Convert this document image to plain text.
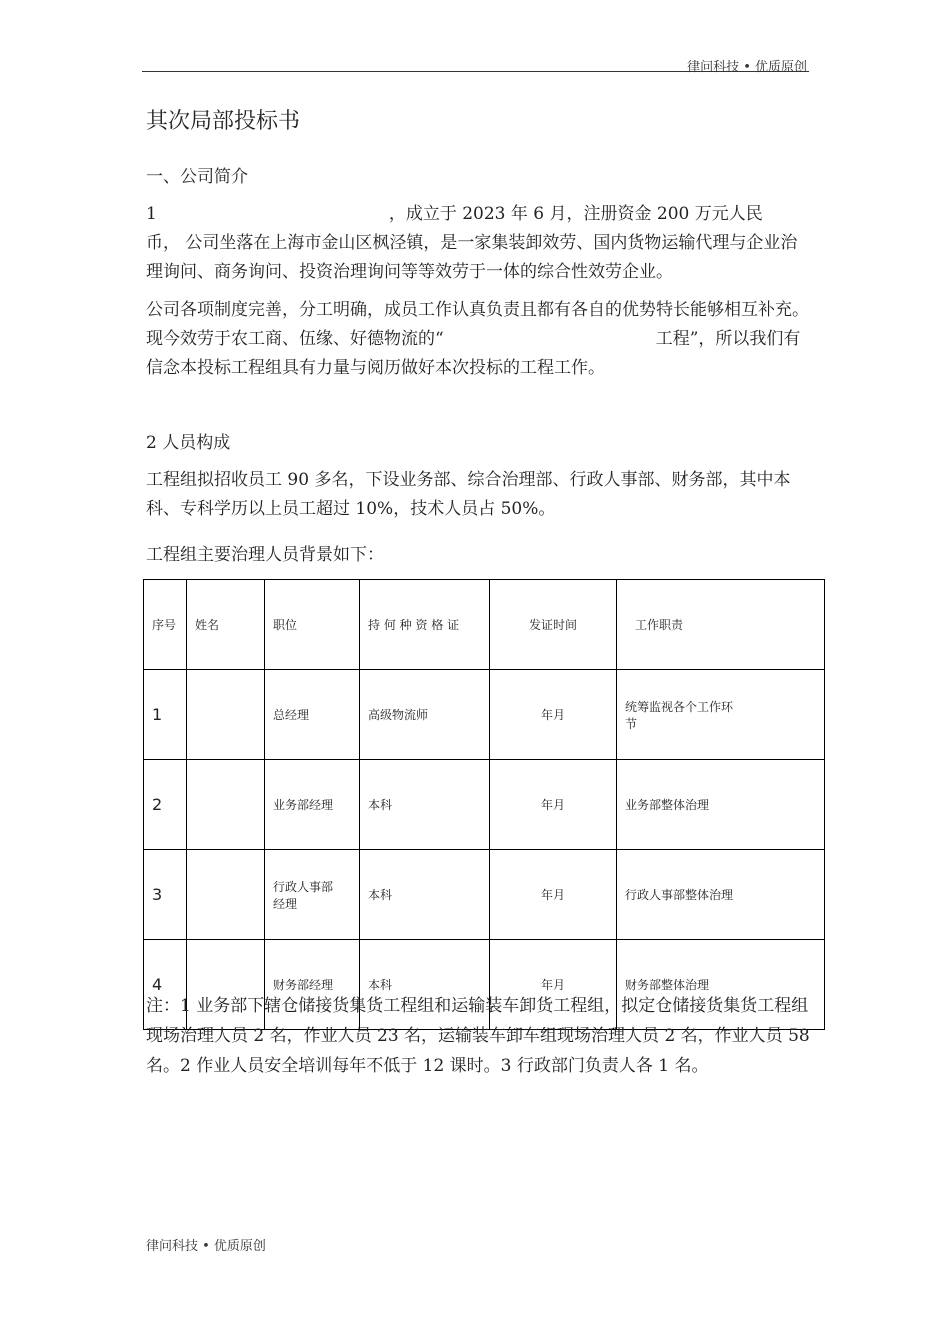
律问科技 • 优质原创
其次局部投标书
一、公司简介
1	，成立于 2023 年 6 月，注册资金 200 万元人民
币， 公司坐落在上海市金山区枫泾镇，是一家集装卸效劳、国内货物运输代理与企业治理询问、商务询问、投资治理询问等等效劳于一体的综合性效劳企业。
公司各项制度完善，分工明确，成员工作认真负责且都有各自的优势特长能够相互补充。现今效劳于农工商、伍缘、好德物流的“	工程”，所以我们有信念本投标工程组具有力量与阅历做好本次投标的工程工作。
2 人员构成
工程组拟招收员工 90 多名，下设业务部、综合治理部、行政人事部、财务部，其中本科、专科学历以上员工超过 10%，技术人员占 50%。
工程组主要治理人员背景如下：
序号	姓名	职位	持 何 种 资 格 证	发证时间	工作职责
1		总经理	高级物流师	年月	统筹监视各个工作环节
2		业务部经理	本科	年月	业务部整体治理
3		行政人事部经理	本科	年月	行政人事部整体治理
4		财务部经理	本科	年月	财务部整体治理
注：1 业务部下辖仓储接货集货工程组和运输装车卸货工程组，拟定仓储接货集货工程组现场治理人员 2 名，作业人员 23 名，运输装车卸车组现场治理人员 2 名，作业人员 58 名。2 作业人员安全培训每年不低于 12 课时。3 行政部门负责人各 1 名。
律问科技 • 优质原创
